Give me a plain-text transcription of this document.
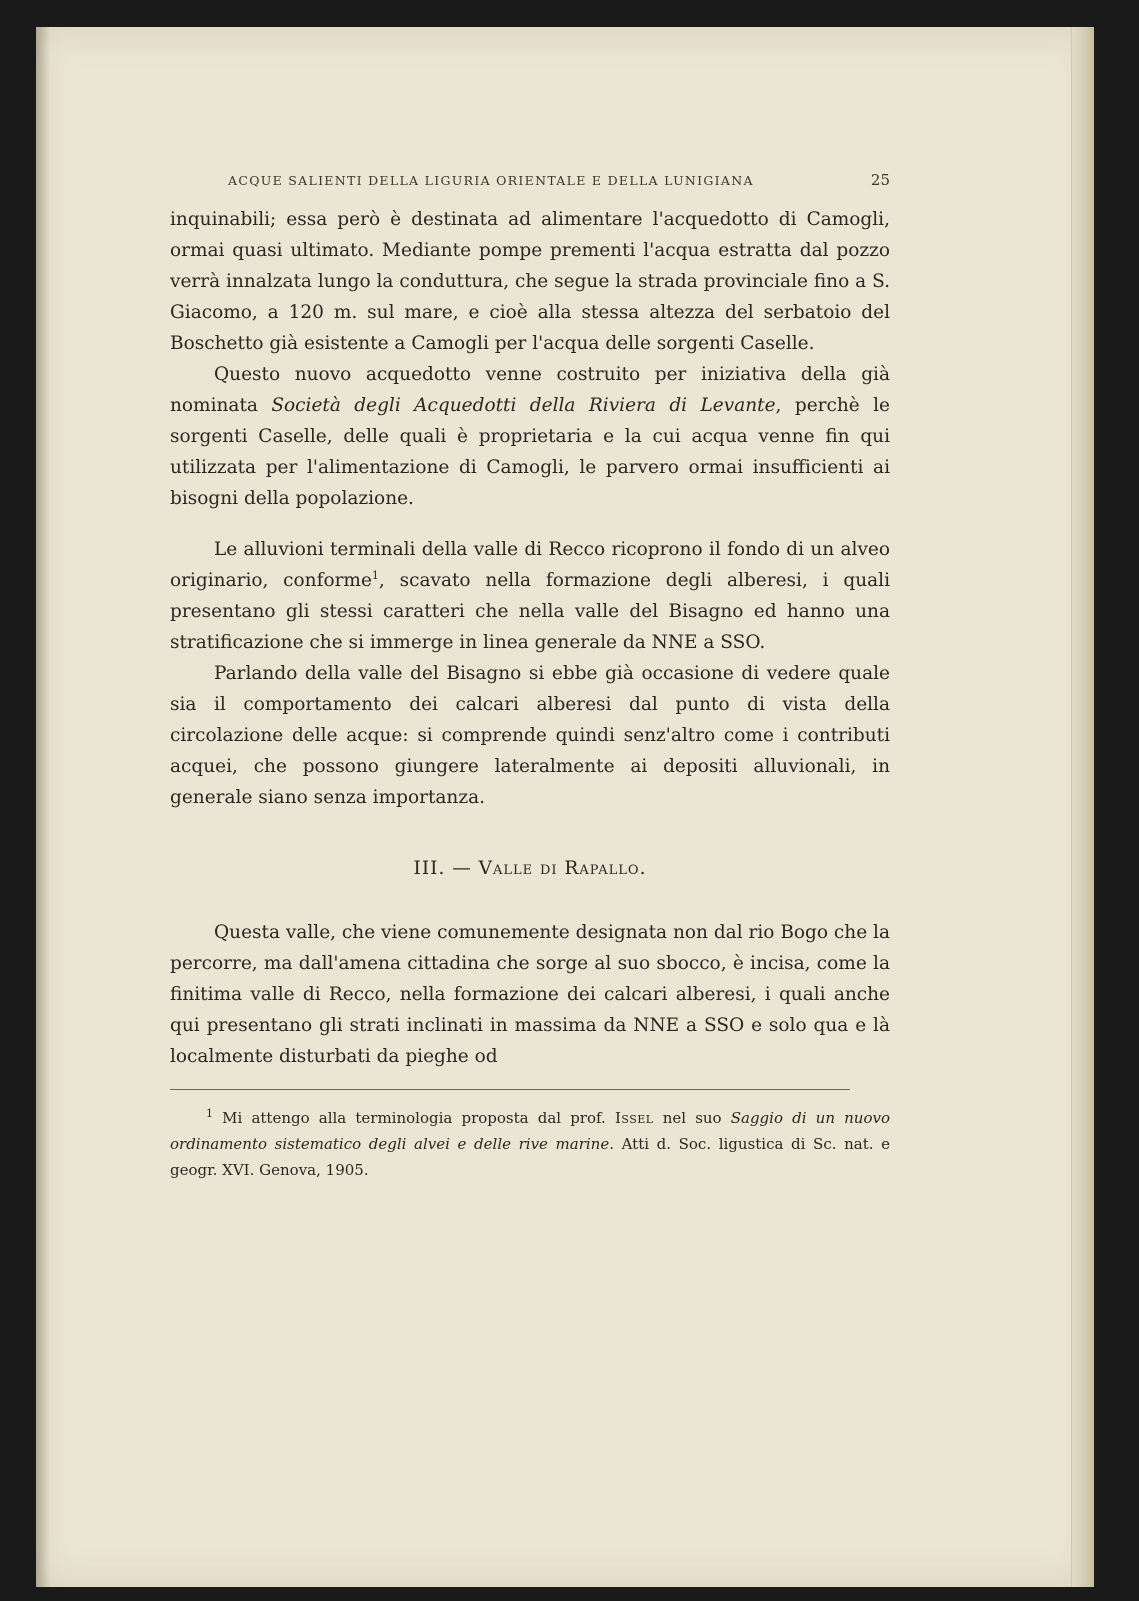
ACQUE SALIENTI DELLA LIGURIA ORIENTALE E DELLA LUNIGIANA	25

inquinabili; essa però è destinata ad alimentare l'acquedotto di Camogli, ormai quasi ultimato. Mediante pompe prementi l'acqua estratta dal pozzo verrà innalzata lungo la conduttura, che segue la strada provinciale fino a S. Giacomo, a 120 m. sul mare, e cioè alla stessa altezza del serbatoio del Boschetto già esistente a Camogli per l'acqua delle sorgenti Caselle.

Questo nuovo acquedotto venne costruito per iniziativa della già nominata Società degli Acquedotti della Riviera di Levante, perchè le sorgenti Caselle, delle quali è proprietaria e la cui acqua venne fin qui utilizzata per l'alimentazione di Camogli, le parvero ormai insufficienti ai bisogni della popolazione.

Le alluvioni terminali della valle di Recco ricoprono il fondo di un alveo originario, conforme$^1$, scavato nella formazione degli alberesi, i quali presentano gli stessi caratteri che nella valle del Bisagno ed hanno una stratificazione che si immerge in linea generale da NNE a SSO.

Parlando della valle del Bisagno si ebbe già occasione di vedere quale sia il comportamento dei calcari alberesi dal punto di vista della circolazione delle acque: si comprende quindi senz'altro come i contributi acquei, che possono giungere lateralmente ai depositi alluvionali, in generale siano senza importanza.

III. — Valle di Rapallo.

Questa valle, che viene comunemente designata non dal rio Bogo che la percorre, ma dall'amena cittadina che sorge al suo sbocco, è incisa, come la finitima valle di Recco, nella formazione dei calcari alberesi, i quali anche qui presentano gli strati inclinati in massima da NNE a SSO e solo qua e là localmente disturbati da pieghe od

$^1$ Mi attengo alla terminologia proposta dal prof. Issel nel suo Saggio di un nuovo ordinamento sistematico degli alvei e delle rive marine. Atti d. Soc. ligustica di Sc. nat. e geogr. XVI. Genova, 1905.
